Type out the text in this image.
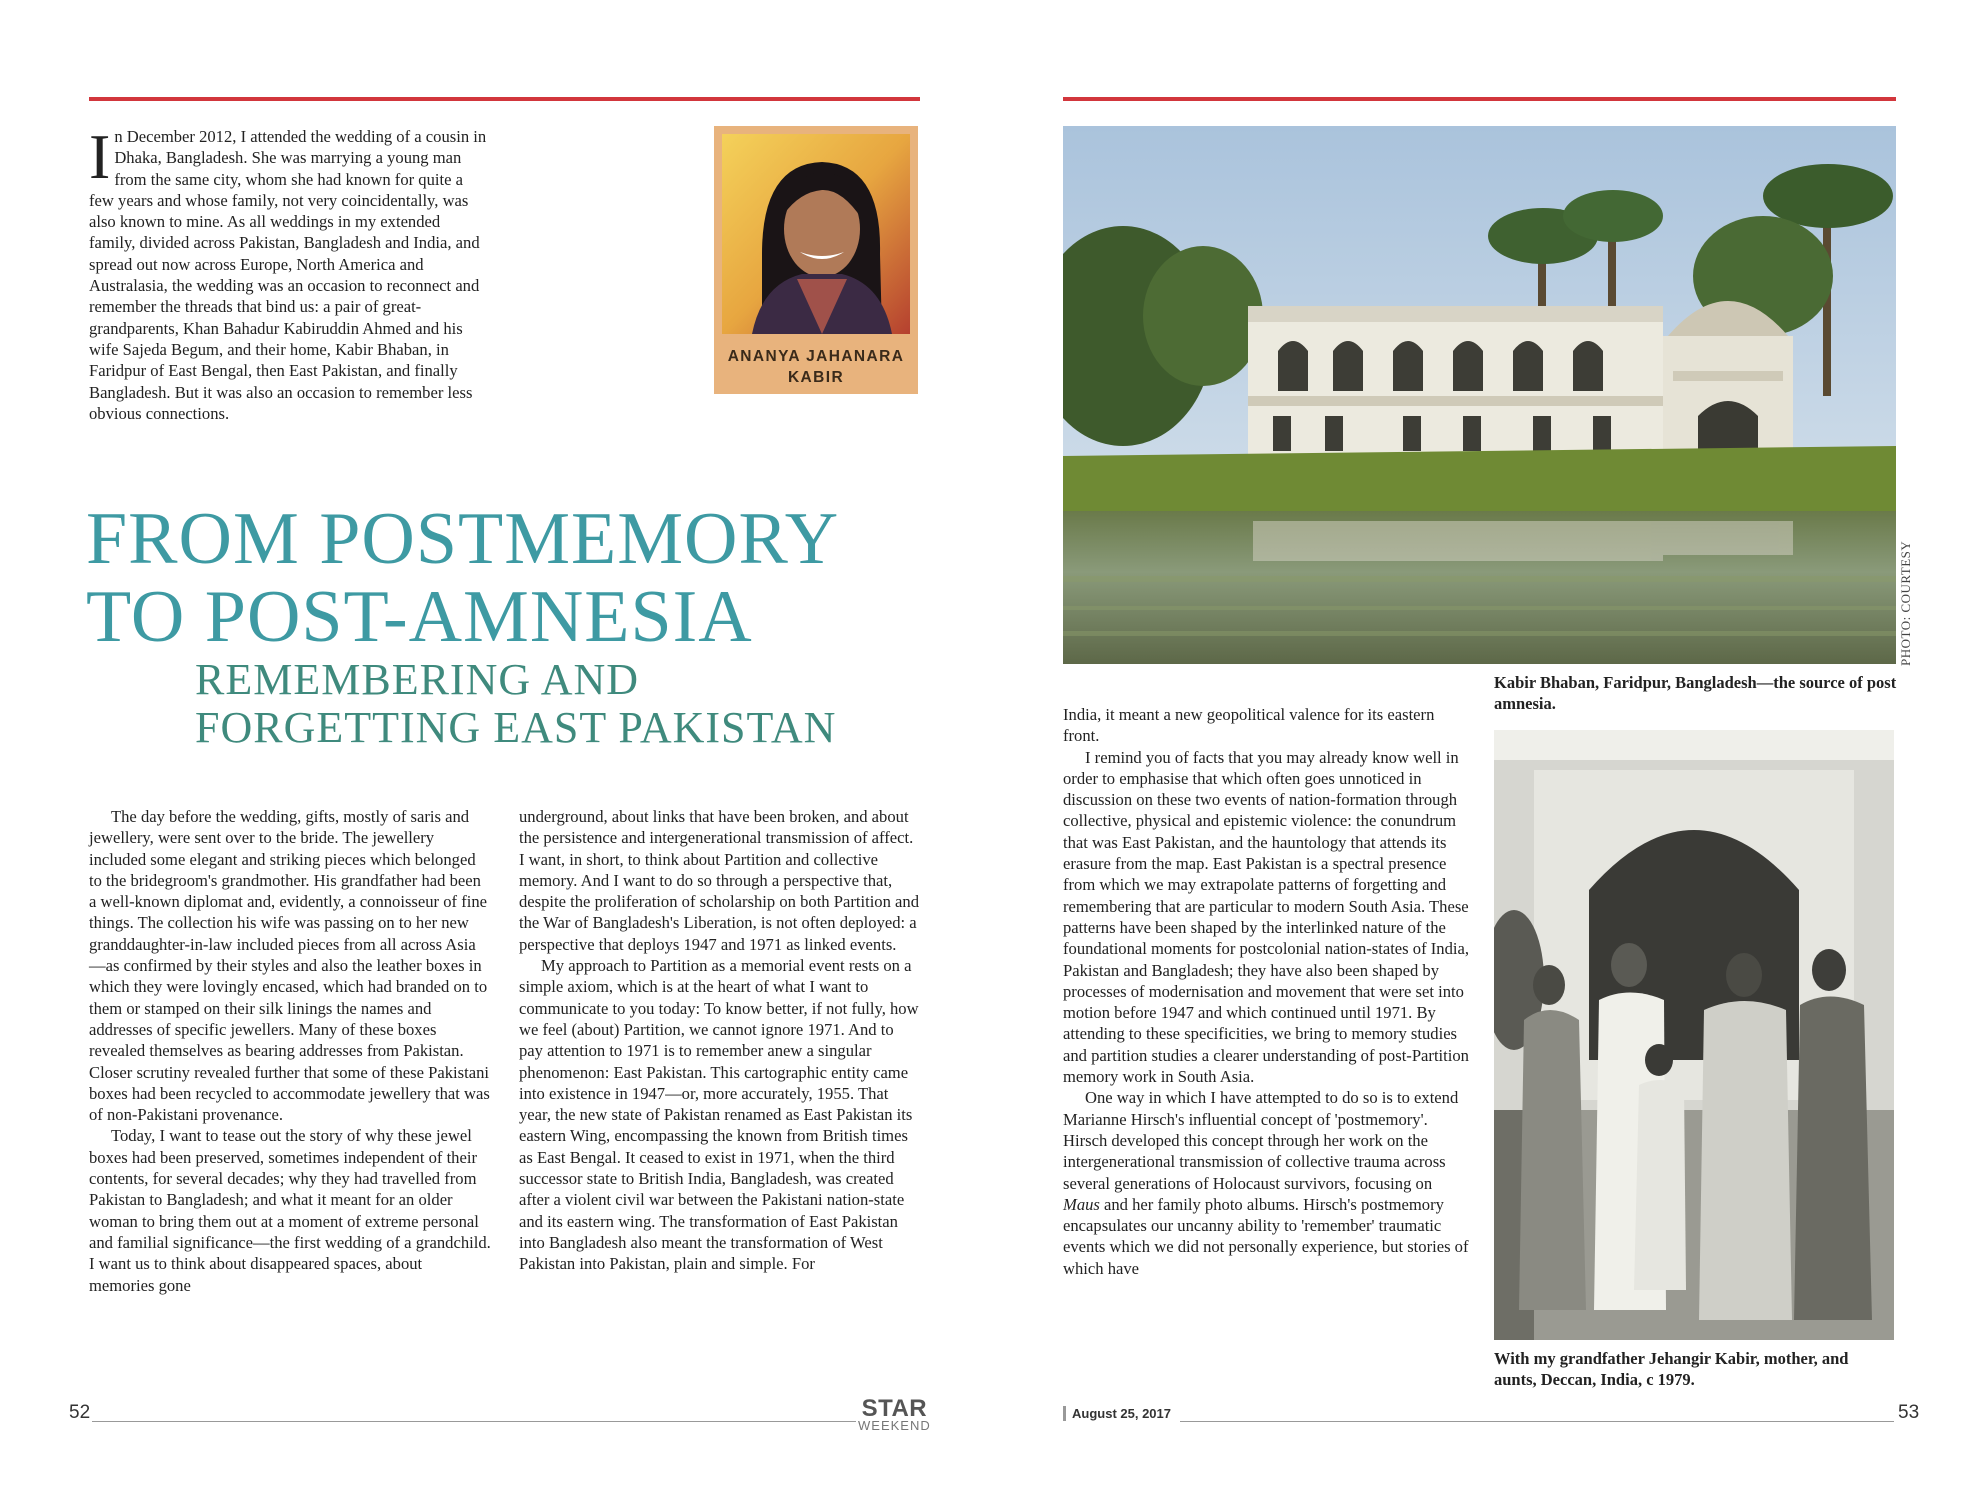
In December 2012, I attended the wedding of a cousin in Dhaka, Bangladesh. She was marrying a young man from the same city, whom she had known for quite a few years and whose family, not very coincidentally, was also known to mine. As all weddings in my extended family, divided across Pakistan, Bangladesh and India, and spread out now across Europe, North America and Australasia, the wedding was an occasion to reconnect and remember the threads that bind us: a pair of great-grandparents, Khan Bahadur Kabiruddin Ahmed and his wife Sajeda Begum, and their home, Kabir Bhaban, in Faridpur of East Bengal, then East Pakistan, and finally Bangladesh. But it was also an occasion to remember less obvious connections.
ANANYA JAHANARA
KABIR
FROM POSTMEMORY
TO POST-AMNESIA
REMEMBERING AND
FORGETTING EAST PAKISTAN

The day before the wedding, gifts, mostly of saris and jewellery, were sent over to the bride. The jewellery included some elegant and striking pieces which belonged to the bridegroom's grandmother. His grandfather had been a well-known diplomat and, evidently, a connoisseur of fine things. The collection his wife was passing on to her new granddaughter-in-law included pieces from all across Asia—as confirmed by their styles and also the leather boxes in which they were lovingly encased, which had branded on to them or stamped on their silk linings the names and addresses of specific jewellers. Many of these boxes revealed themselves as bearing addresses from Pakistan. Closer scrutiny revealed further that some of these Pakistani boxes had been recycled to accommodate jewellery that was of non-Pakistani provenance.

Today, I want to tease out the story of why these jewel boxes had been preserved, sometimes independent of their contents, for several decades; why they had travelled from Pakistan to Bangladesh; and what it meant for an older woman to bring them out at a moment of extreme personal and familial significance—the first wedding of a grandchild. I want us to think about disappeared spaces, about memories gone

underground, about links that have been broken, and about the persistence and intergenerational transmission of affect. I want, in short, to think about Partition and collective memory. And I want to do so through a perspective that, despite the proliferation of scholarship on both Partition and the War of Bangladesh's Liberation, is not often deployed: a perspective that deploys 1947 and 1971 as linked events.

My approach to Partition as a memorial event rests on a simple axiom, which is at the heart of what I want to communicate to you today: To know better, if not fully, how we feel (about) Partition, we cannot ignore 1971. And to pay attention to 1971 is to remember anew a singular phenomenon: East Pakistan. This cartographic entity came into existence in 1947—or, more accurately, 1955. That year, the new state of Pakistan renamed as East Pakistan its eastern Wing, encompassing the known from British times as East Bengal. It ceased to exist in 1971, when the third successor state to British India, Bangladesh, was created after a violent civil war between the Pakistani nation-state and its eastern wing. The transformation of East Pakistan into Bangladesh also meant the transformation of West Pakistan into Pakistan, plain and simple. For

India, it meant a new geopolitical valence for its eastern front.

I remind you of facts that you may already know well in order to emphasise that which often goes unnoticed in discussion on these two events of nation-formation through collective, physical and epistemic violence: the conundrum that was East Pakistan, and the hauntology that attends its erasure from the map. East Pakistan is a spectral presence from which we may extrapolate patterns of forgetting and remembering that are particular to modern South Asia. These patterns have been shaped by the interlinked nature of the foundational moments for postcolonial nation-states of India, Pakistan and Bangladesh; they have also been shaped by processes of modernisation and movement that were set into motion before 1947 and which continued until 1971. By attending to these specificities, we bring to memory studies and partition studies a clearer understanding of post-Partition memory work in South Asia.

One way in which I have attempted to do so is to extend Marianne Hirsch's influential concept of 'postmemory'. Hirsch developed this concept through her work on the intergenerational transmission of collective trauma across several generations of Holocaust survivors, focusing on Maus and her family photo albums. Hirsch's postmemory encapsulates our uncanny ability to 'remember' traumatic events which we did not personally experience, but stories of which have

PHOTO: COURTESY
Kabir Bhaban, Faridpur, Bangladesh—the source of post amnesia.
With my grandfather Jehangir Kabir, mother, and aunts, Deccan, India, c 1979.
52	STAR
WEEKEND
August 25, 2017	53
